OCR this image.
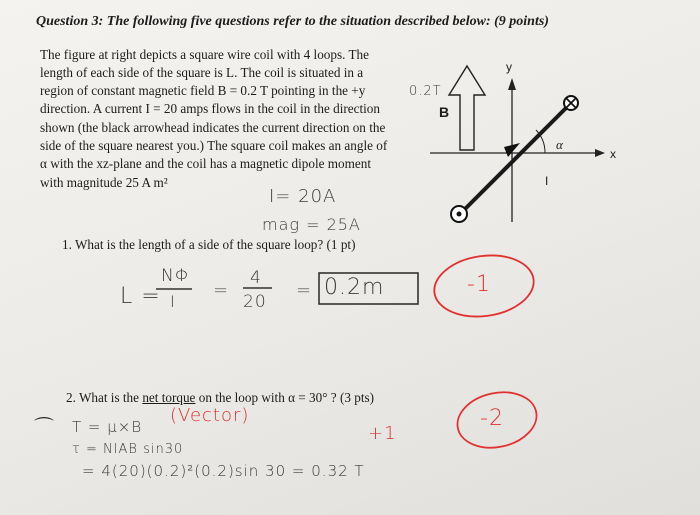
Question 3: The following five questions refer to the situation described below: (9 points)
The figure at right depicts a square wire coil with 4 loops. The
length of each side of the square is L. The coil is situated in a
region of constant magnetic field B = 0.2 T pointing in the +y
direction. A current I = 20 amps flows in the coil in the direction
shown (the black arrowhead indicates the current direction on the
side of the square nearest you.) The square coil makes an angle of
α with the xz-plane and the coil has a magnetic dipole moment
with magnitude 25 A m²
y
x
B
0.2T
α
I
I= 20A
mag = 25A
1. What is the length of a side of the square loop? (1 pt)
L =
NΦ
I
=
4
20
= 0.2m	-1
2. What is the net torque on the loop with α = 30° ? (3 pts)
⌒ T = μ×B
(Vector)
τ = NIAB sin30
= 4(20)(0.2)²(0.2)sin 30 = 0.32 T
+1
-2
